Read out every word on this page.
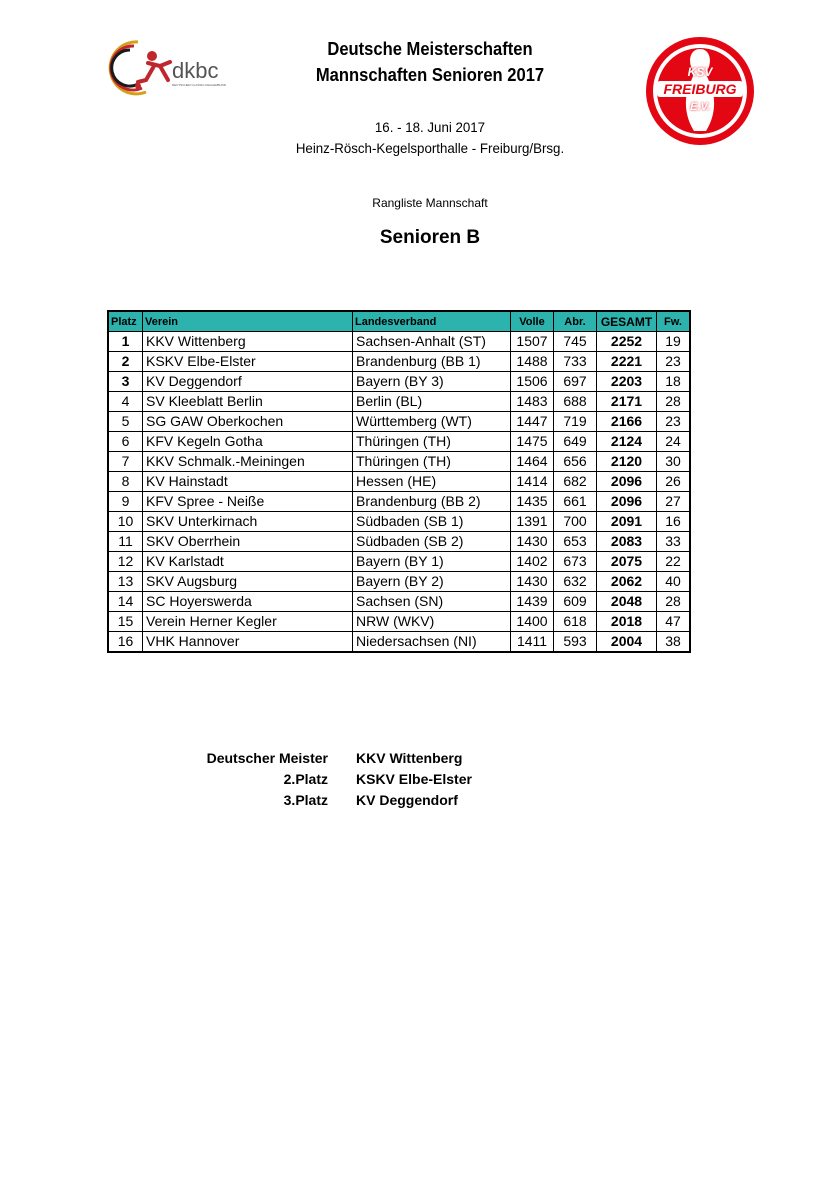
dkbc
DEUTSCHER CLASSIC-KEGLERBUND
Deutsche Meisterschaften
Mannschaften Senioren 2017
16. - 18. Juni 2017
Heinz-Rösch-Kegelsporthalle - Freiburg/Brsg.
KSV
FREIBURG
E.V.
Rangliste Mannschaft
Senioren B
Platz	Verein	Landesverband	Volle	Abr.	GESAMT	Fw.
1	KKV Wittenberg	Sachsen-Anhalt (ST)	1507	745	2252	19
2	KSKV Elbe-Elster	Brandenburg (BB 1)	1488	733	2221	23
3	KV Deggendorf	Bayern (BY 3)	1506	697	2203	18
4	SV Kleeblatt Berlin	Berlin (BL)	1483	688	2171	28
5	SG GAW Oberkochen	Württemberg (WT)	1447	719	2166	23
6	KFV Kegeln Gotha	Thüringen (TH)	1475	649	2124	24
7	KKV Schmalk.-Meiningen	Thüringen (TH)	1464	656	2120	30
8	KV Hainstadt	Hessen (HE)	1414	682	2096	26
9	KFV Spree - Neiße	Brandenburg (BB 2)	1435	661	2096	27
10	SKV Unterkirnach	Südbaden (SB 1)	1391	700	2091	16
11	SKV Oberrhein	Südbaden (SB 2)	1430	653	2083	33
12	KV Karlstadt	Bayern (BY 1)	1402	673	2075	22
13	SKV Augsburg	Bayern (BY 2)	1430	632	2062	40
14	SC Hoyerswerda	Sachsen (SN)	1439	609	2048	28
15	Verein Herner Kegler	NRW (WKV)	1400	618	2018	47
16	VHK Hannover	Niedersachsen (NI)	1411	593	2004	38
Deutscher Meister KKV Wittenberg
2.Platz KSKV Elbe-Elster
3.Platz KV Deggendorf
